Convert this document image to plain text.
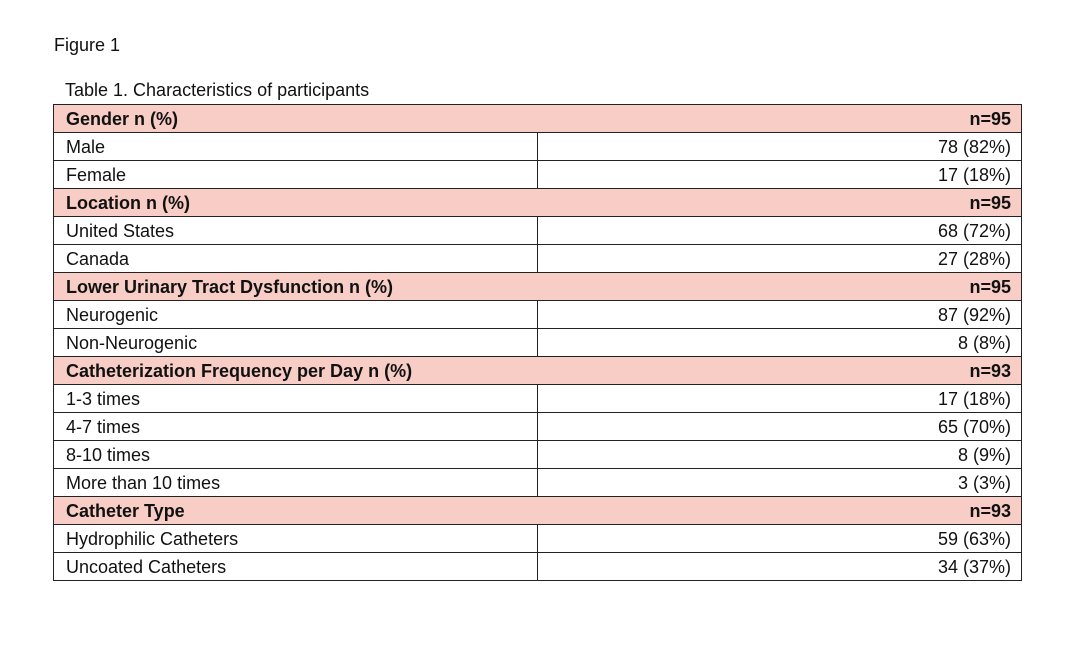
Figure 1
Table 1. Characteristics of participants
Gender n (%) n=95	

Male	78 (82%)
Female	17 (18%)

Location n (%) n=95	

United States	68 (72%)
Canada	27 (28%)

Lower Urinary Tract Dysfunction n (%) n=95	

Neurogenic	87 (92%)
Non-Neurogenic	8 (8%)

Catheterization Frequency per Day n (%) n=93	

1-3 times	17 (18%)
4-7 times	65 (70%)
8-10 times	8 (9%)
More than 10 times	3 (3%)

Catheter Type n=93	

Hydrophilic Catheters	59 (63%)
Uncoated Catheters	34 (37%)
